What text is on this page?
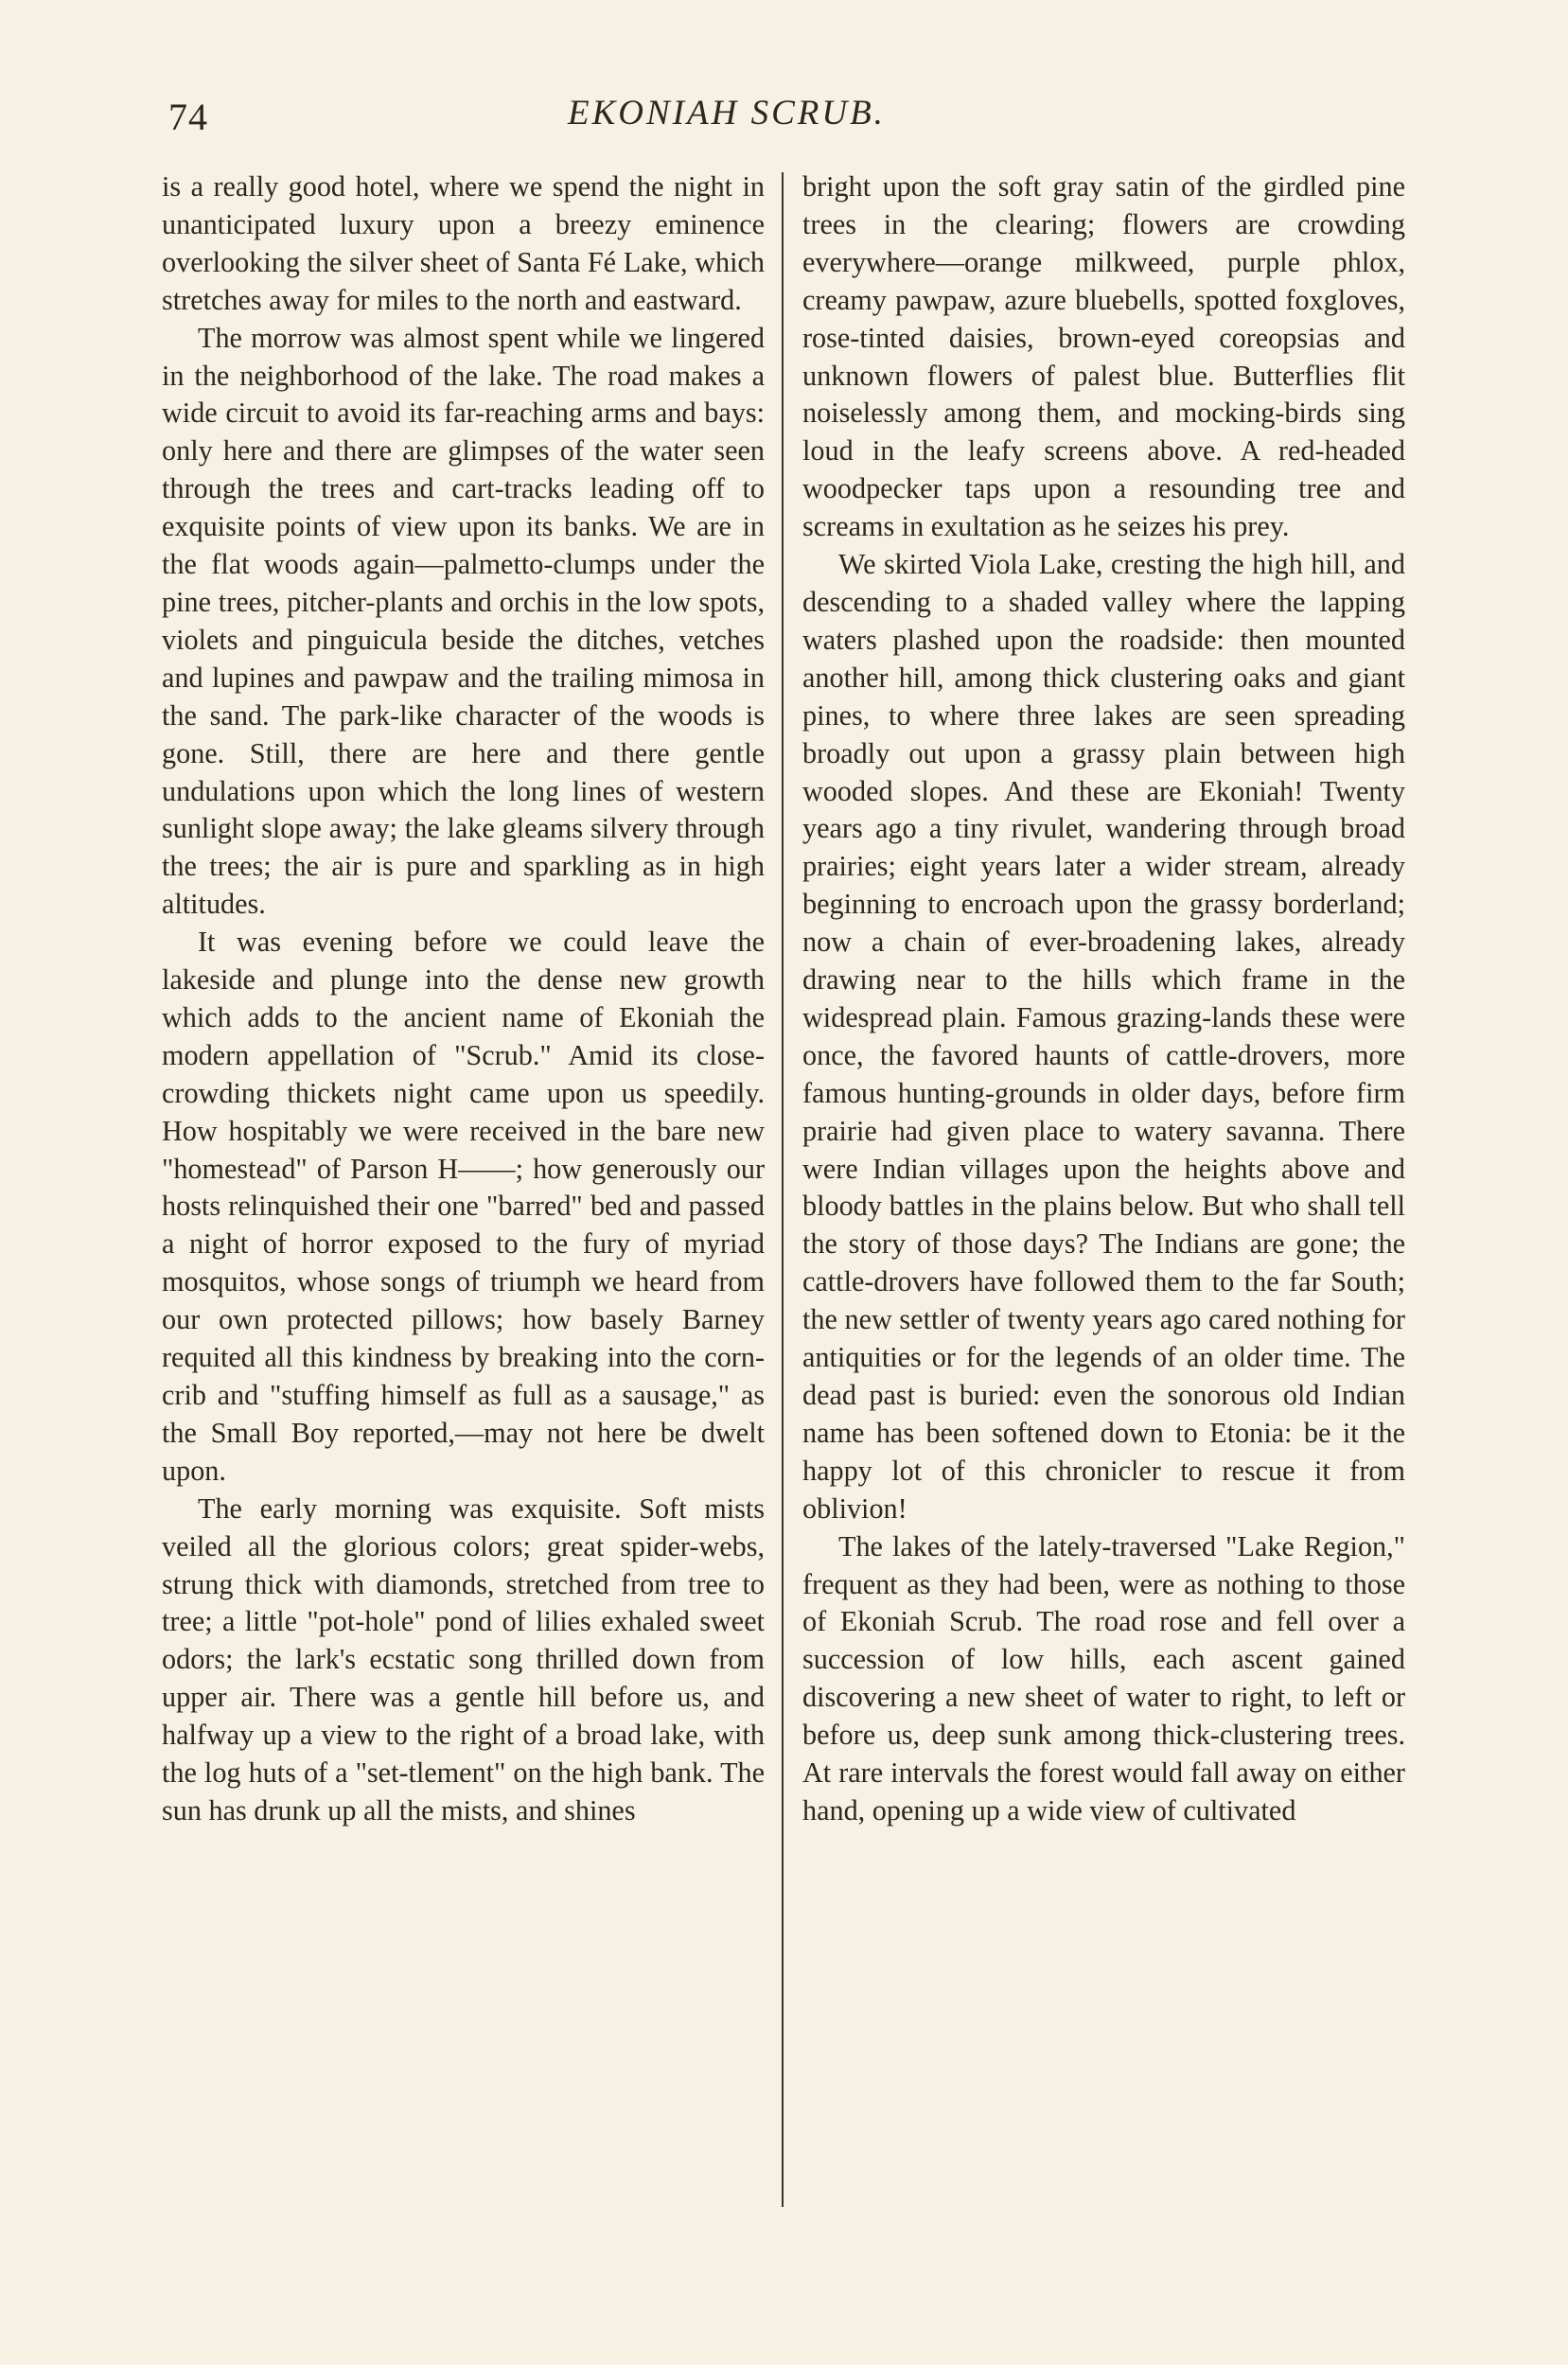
74	EKONIAH SCRUB.

is a really good hotel, where we spend the night in unanticipated luxury upon a breezy eminence overlooking the silver sheet of Santa Fé Lake, which stretches away for miles to the north and eastward.

The morrow was almost spent while we lingered in the neighborhood of the lake. The road makes a wide circuit to avoid its far-reaching arms and bays: only here and there are glimpses of the water seen through the trees and cart-tracks leading off to exquisite points of view upon its banks. We are in the flat woods again—palmetto-clumps under the pine trees, pitcher-plants and orchis in the low spots, violets and pinguicula beside the ditches, vetches and lupines and pawpaw and the trailing mimosa in the sand. The park-like character of the woods is gone. Still, there are here and there gentle undulations upon which the long lines of western sunlight slope away; the lake gleams silvery through the trees; the air is pure and sparkling as in high altitudes.

It was evening before we could leave the lakeside and plunge into the dense new growth which adds to the ancient name of Ekoniah the modern appellation of "Scrub." Amid its close-crowding thickets night came upon us speedily. How hospitably we were received in the bare new "homestead" of Parson H——; how generously our hosts relinquished their one "barred" bed and passed a night of horror exposed to the fury of myriad mosquitos, whose songs of triumph we heard from our own protected pillows; how basely Barney requited all this kindness by breaking into the corn-crib and "stuffing himself as full as a sausage," as the Small Boy reported,—may not here be dwelt upon.

The early morning was exquisite. Soft mists veiled all the glorious colors; great spider-webs, strung thick with diamonds, stretched from tree to tree; a little "pot-hole" pond of lilies exhaled sweet odors; the lark's ecstatic song thrilled down from upper air. There was a gentle hill before us, and halfway up a view to the right of a broad lake, with the log huts of a "set-tlement" on the high bank. The sun has drunk up all the mists, and shines

bright upon the soft gray satin of the girdled pine trees in the clearing; flowers are crowding everywhere—orange milkweed, purple phlox, creamy pawpaw, azure bluebells, spotted foxgloves, rose-tinted daisies, brown-eyed coreopsias and unknown flowers of palest blue. Butterflies flit noiselessly among them, and mocking-birds sing loud in the leafy screens above. A red-headed woodpecker taps upon a resounding tree and screams in exultation as he seizes his prey.

We skirted Viola Lake, cresting the high hill, and descending to a shaded valley where the lapping waters plashed upon the roadside: then mounted another hill, among thick clustering oaks and giant pines, to where three lakes are seen spreading broadly out upon a grassy plain between high wooded slopes. And these are Ekoniah! Twenty years ago a tiny rivulet, wandering through broad prairies; eight years later a wider stream, already beginning to encroach upon the grassy borderland; now a chain of ever-broadening lakes, already drawing near to the hills which frame in the widespread plain. Famous grazing-lands these were once, the favored haunts of cattle-drovers, more famous hunting-grounds in older days, before firm prairie had given place to watery savanna. There were Indian villages upon the heights above and bloody battles in the plains below. But who shall tell the story of those days? The Indians are gone; the cattle-drovers have followed them to the far South; the new settler of twenty years ago cared nothing for antiquities or for the legends of an older time. The dead past is buried: even the sonorous old Indian name has been softened down to Etonia: be it the happy lot of this chronicler to rescue it from oblivion!

The lakes of the lately-traversed "Lake Region," frequent as they had been, were as nothing to those of Ekoniah Scrub. The road rose and fell over a succession of low hills, each ascent gained discovering a new sheet of water to right, to left or before us, deep sunk among thick-clustering trees. At rare intervals the forest would fall away on either hand, opening up a wide view of cultivated
